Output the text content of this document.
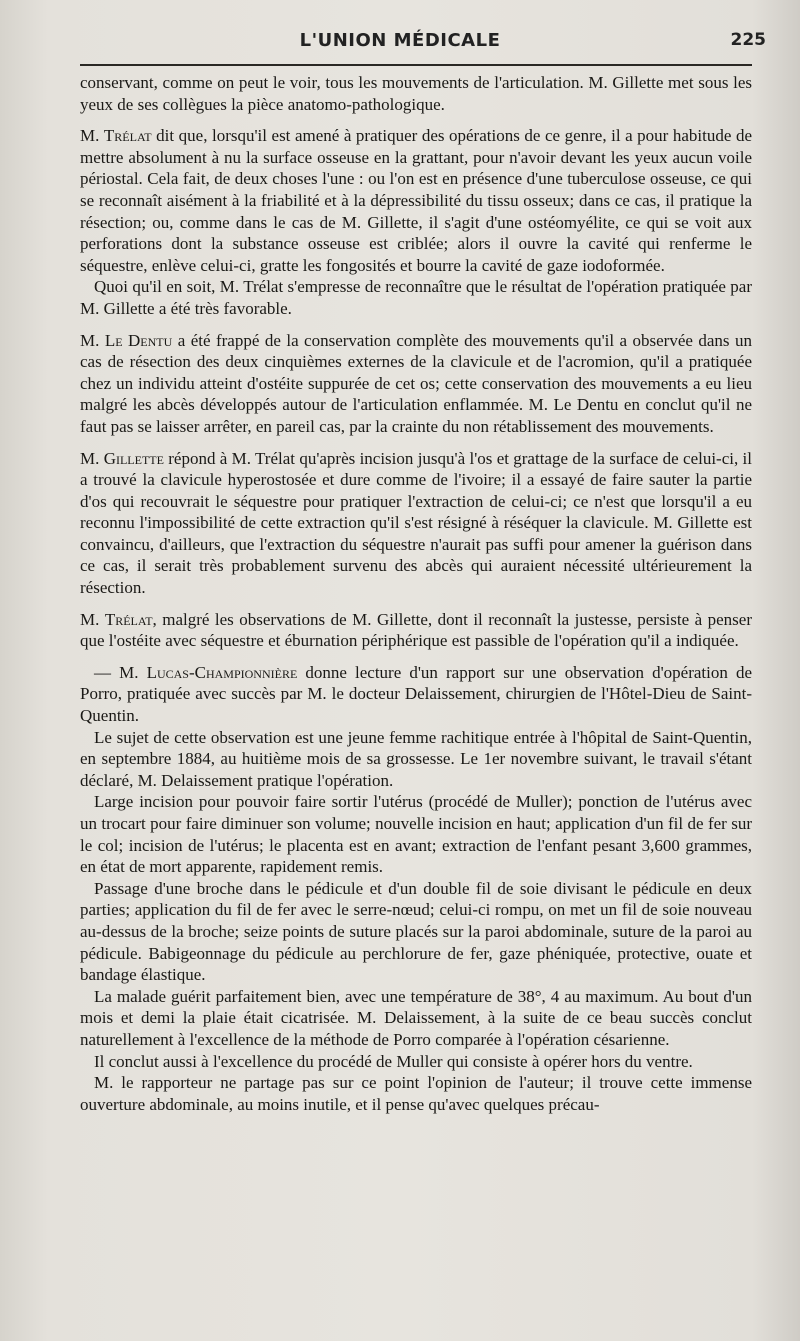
L'UNION MÉDICALE	225

conservant, comme on peut le voir, tous les mouvements de l'articulation. M. Gillette met sous les yeux de ses collègues la pièce anatomo-pathologique.

M. Trélat dit que, lorsqu'il est amené à pratiquer des opérations de ce genre, il a pour habitude de mettre absolument à nu la surface osseuse en la grattant, pour n'avoir devant les yeux aucun voile périostal. Cela fait, de deux choses l'une : ou l'on est en présence d'une tuberculose osseuse, ce qui se reconnaît aisément à la friabilité et à la dépressibilité du tissu osseux; dans ce cas, il pratique la résection; ou, comme dans le cas de M. Gillette, il s'agit d'une ostéomyélite, ce qui se voit aux perforations dont la substance osseuse est criblée; alors il ouvre la cavité qui renferme le séquestre, enlève celui-ci, gratte les fongosités et bourre la cavité de gaze iodoformée.

Quoi qu'il en soit, M. Trélat s'empresse de reconnaître que le résultat de l'opération pratiquée par M. Gillette a été très favorable.

M. Le Dentu a été frappé de la conservation complète des mouvements qu'il a observée dans un cas de résection des deux cinquièmes externes de la clavicule et de l'acromion, qu'il a pratiquée chez un individu atteint d'ostéite suppurée de cet os; cette conservation des mouvements a eu lieu malgré les abcès développés autour de l'articulation enflammée. M. Le Dentu en conclut qu'il ne faut pas se laisser arrêter, en pareil cas, par la crainte du non rétablissement des mouvements.

M. Gillette répond à M. Trélat qu'après incision jusqu'à l'os et grattage de la surface de celui-ci, il a trouvé la clavicule hyperostosée et dure comme de l'ivoire; il a essayé de faire sauter la partie d'os qui recouvrait le séquestre pour pratiquer l'extraction de celui-ci; ce n'est que lorsqu'il a eu reconnu l'impossibilité de cette extraction qu'il s'est résigné à réséquer la clavicule. M. Gillette est convaincu, d'ailleurs, que l'extraction du séquestre n'aurait pas suffi pour amener la guérison dans ce cas, il serait très probablement survenu des abcès qui auraient nécessité ultérieurement la résection.

M. Trélat, malgré les observations de M. Gillette, dont il reconnaît la justesse, persiste à penser que l'ostéite avec séquestre et éburnation périphérique est passible de l'opération qu'il a indiquée.

— M. Lucas-Championnière donne lecture d'un rapport sur une observation d'opération de Porro, pratiquée avec succès par M. le docteur Delaissement, chirurgien de l'Hôtel-Dieu de Saint-Quentin.

Le sujet de cette observation est une jeune femme rachitique entrée à l'hôpital de Saint-Quentin, en septembre 1884, au huitième mois de sa grossesse. Le 1er novembre suivant, le travail s'étant déclaré, M. Delaissement pratique l'opération.

Large incision pour pouvoir faire sortir l'utérus (procédé de Muller); ponction de l'utérus avec un trocart pour faire diminuer son volume; nouvelle incision en haut; application d'un fil de fer sur le col; incision de l'utérus; le placenta est en avant; extraction de l'enfant pesant 3,600 grammes, en état de mort apparente, rapidement remis.

Passage d'une broche dans le pédicule et d'un double fil de soie divisant le pédicule en deux parties; application du fil de fer avec le serre-nœud; celui-ci rompu, on met un fil de soie nouveau au-dessus de la broche; seize points de suture placés sur la paroi abdominale, suture de la paroi au pédicule. Babigeonnage du pédicule au perchlorure de fer, gaze phéniquée, protective, ouate et bandage élastique.

La malade guérit parfaitement bien, avec une température de 38°, 4 au maximum. Au bout d'un mois et demi la plaie était cicatrisée. M. Delaissement, à la suite de ce beau succès conclut naturellement à l'excellence de la méthode de Porro comparée à l'opération césarienne.

Il conclut aussi à l'excellence du procédé de Muller qui consiste à opérer hors du ventre.

M. le rapporteur ne partage pas sur ce point l'opinion de l'auteur; il trouve cette immense ouverture abdominale, au moins inutile, et il pense qu'avec quelques précau-
